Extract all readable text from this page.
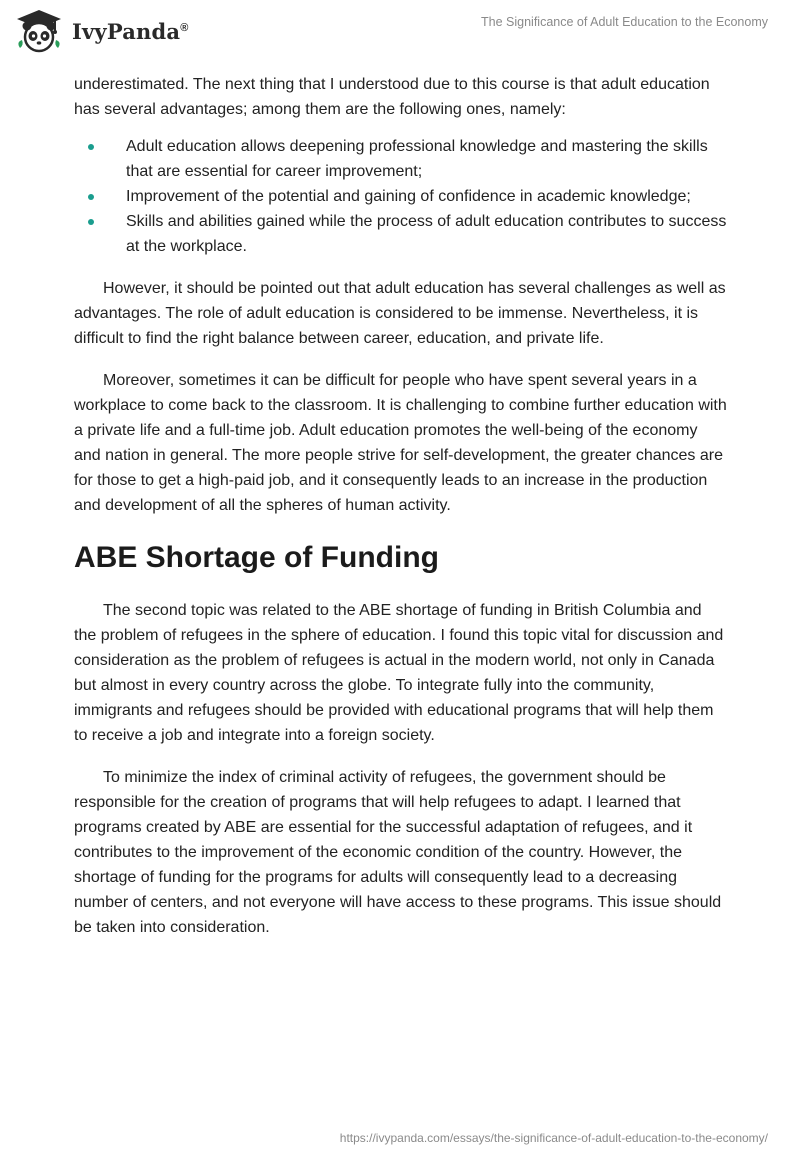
IvyPanda®	The Significance of Adult Education to the Economy

underestimated. The next thing that I understood due to this course is that adult education has several advantages; among them are the following ones, namely:

Adult education allows deepening professional knowledge and mastering the skills that are essential for career improvement;
Improvement of the potential and gaining of confidence in academic knowledge;
Skills and abilities gained while the process of adult education contributes to success at the workplace.

However, it should be pointed out that adult education has several challenges as well as advantages. The role of adult education is considered to be immense. Nevertheless, it is difficult to find the right balance between career, education, and private life.

Moreover, sometimes it can be difficult for people who have spent several years in a workplace to come back to the classroom. It is challenging to combine further education with a private life and a full-time job. Adult education promotes the well-being of the economy and nation in general. The more people strive for self-development, the greater chances are for those to get a high-paid job, and it consequently leads to an increase in the production and development of all the spheres of human activity.

ABE Shortage of Funding

The second topic was related to the ABE shortage of funding in British Columbia and the problem of refugees in the sphere of education. I found this topic vital for discussion and consideration as the problem of refugees is actual in the modern world, not only in Canada but almost in every country across the globe. To integrate fully into the community, immigrants and refugees should be provided with educational programs that will help them to receive a job and integrate into a foreign society.

To minimize the index of criminal activity of refugees, the government should be responsible for the creation of programs that will help refugees to adapt. I learned that programs created by ABE are essential for the successful adaptation of refugees, and it contributes to the improvement of the economic condition of the country. However, the shortage of funding for the programs for adults will consequently lead to a decreasing number of centers, and not everyone will have access to these programs. This issue should be taken into consideration.

https://ivypanda.com/essays/the-significance-of-adult-education-to-the-economy/
